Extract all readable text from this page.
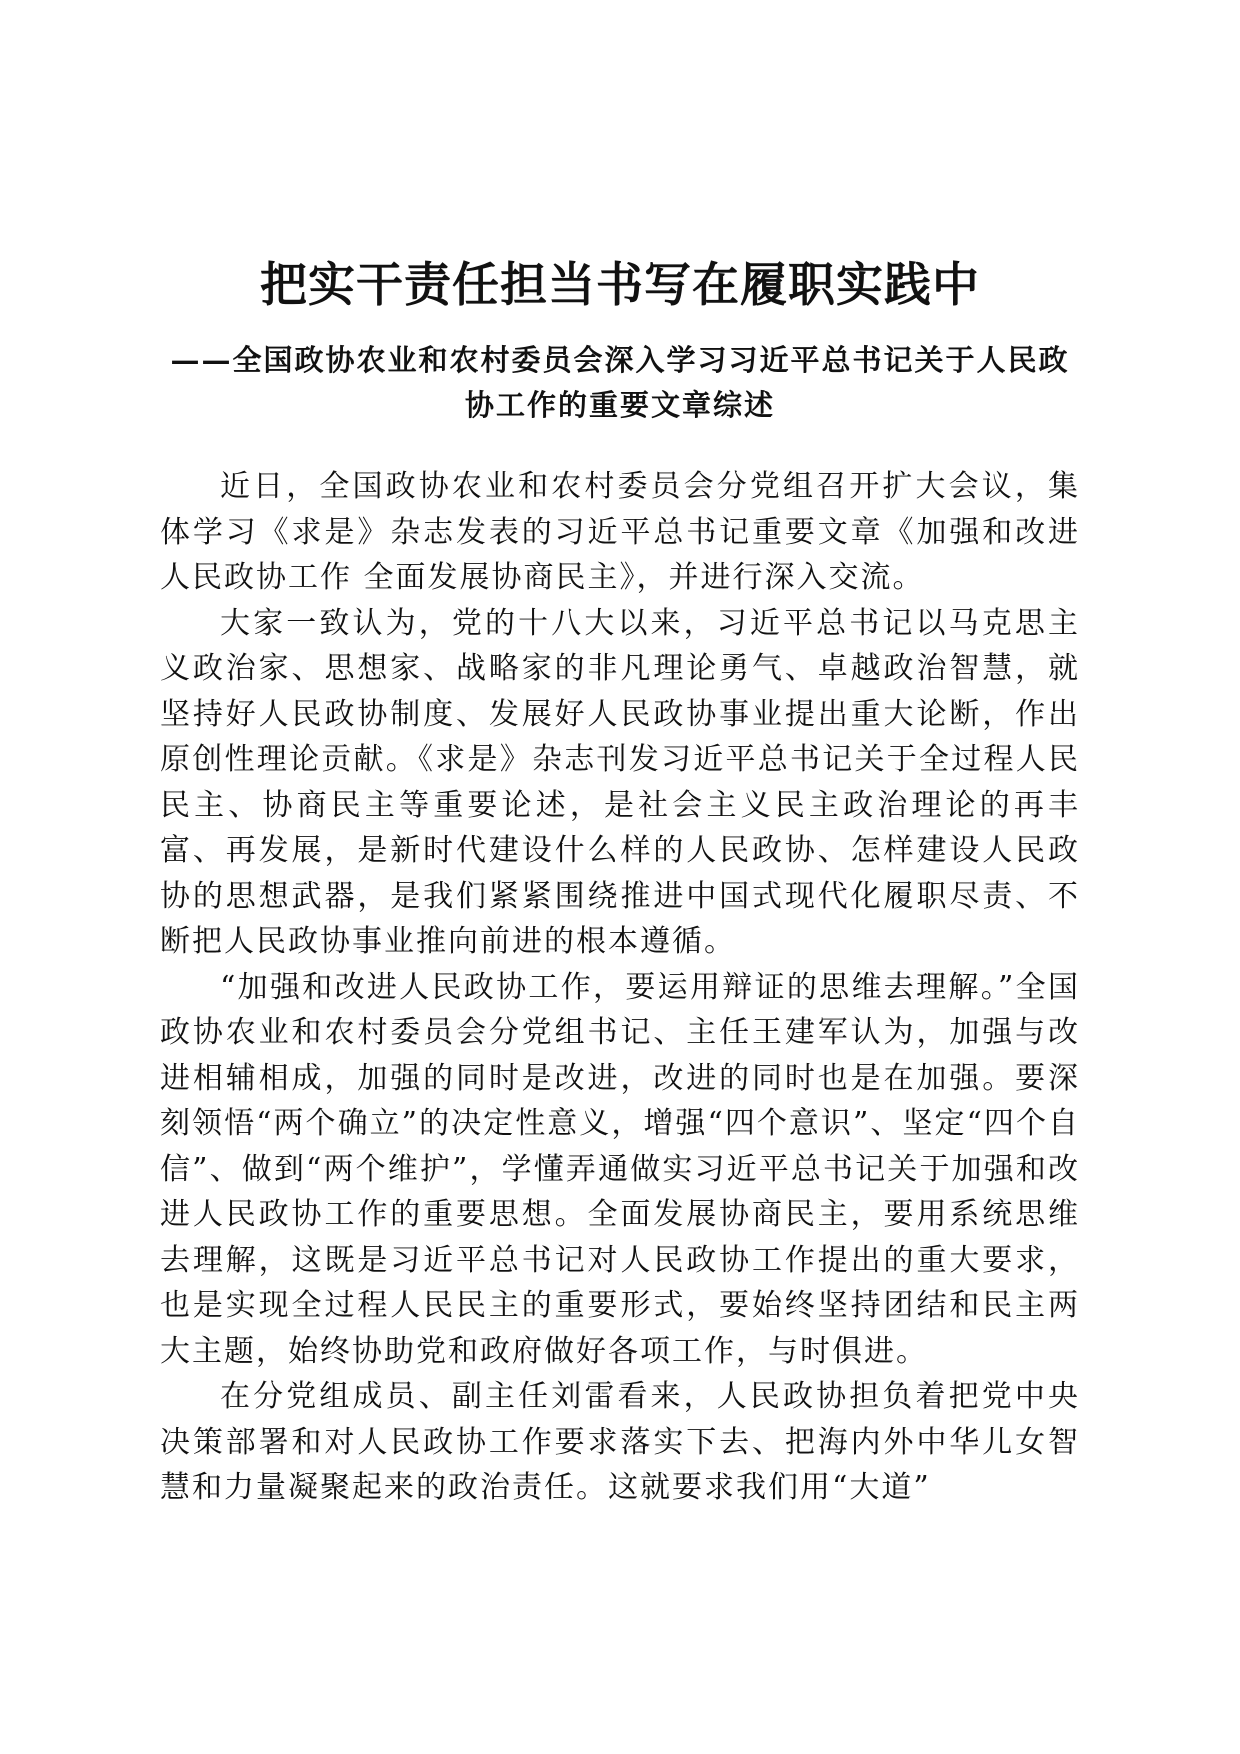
把实干责任担当书写在履职实践中
——全国政协农业和农村委员会深入学习习近平总书记关于人民政协工作的重要文章综述

近日，全国政协农业和农村委员会分党组召开扩大会议，集体学习《求是》杂志发表的习近平总书记重要文章《加强和改进人民政协工作 全面发展协商民主》，并进行深入交流。

大家一致认为，党的十八大以来，习近平总书记以马克思主义政治家、思想家、战略家的非凡理论勇气、卓越政治智慧，就坚持好人民政协制度、发展好人民政协事业提出重大论断，作出原创性理论贡献。《求是》杂志刊发习近平总书记关于全过程人民民主、协商民主等重要论述，是社会主义民主政治理论的再丰富、再发展，是新时代建设什么样的人民政协、怎样建设人民政协的思想武器，是我们紧紧围绕推进中国式现代化履职尽责、不断把人民政协事业推向前进的根本遵循。

“加强和改进人民政协工作，要运用辩证的思维去理解。”全国政协农业和农村委员会分党组书记、主任王建军认为，加强与改进相辅相成，加强的同时是改进，改进的同时也是在加强。要深刻领悟“两个确立”的决定性意义，增强“四个意识”、坚定“四个自信”、做到“两个维护”，学懂弄通做实习近平总书记关于加强和改进人民政协工作的重要思想。全面发展协商民主，要用系统思维去理解，这既是习近平总书记对人民政协工作提出的重大要求，也是实现全过程人民民主的重要形式，要始终坚持团结和民主两大主题，始终协助党和政府做好各项工作，与时俱进。

在分党组成员、副主任刘雷看来，人民政协担负着把党中央决策部署和对人民政协工作要求落实下去、把海内外中华儿女智慧和力量凝聚起来的政治责任。这就要求我们用“大道”
